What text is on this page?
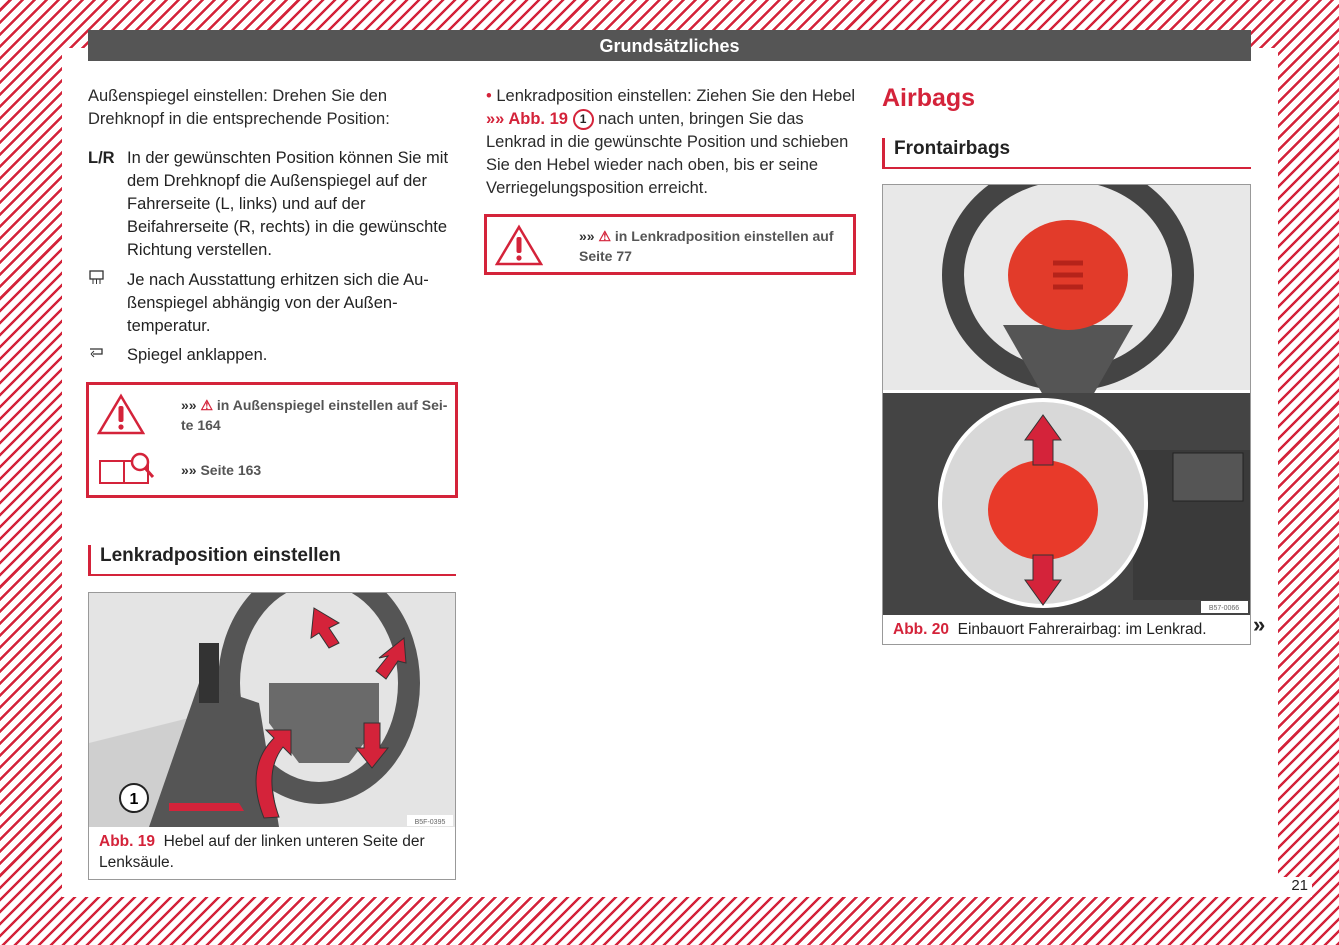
21
Grundsätzliches
Außenspiegel einstellen: Drehen Sie den Drehknopf in die entsprechende Position:
L/R In der gewünschten Position können Sie mit dem Drehknopf die Außenspiegel auf der Fahrerseite (L, links) und auf der Beifahrerseite (R, rechts) in die gewünschte Richtung verstellen.
Je nach Ausstattung erhitzen sich die Außenspiegel abhängig von der Außentemperatur.
Spiegel anklappen.
»» ⚠ in Außenspiegel einstellen auf Seite 164
»» Seite 163
Lenkradposition einstellen
1
B5F-0395
Abb. 19 Hebel auf der linken unteren Seite der Lenksäule.
• Lenkradposition einstellen: Ziehen Sie den Hebel »» Abb. 19 1 nach unten, bringen Sie das Lenkrad in die gewünschte Position und schieben Sie den Hebel wieder nach oben, bis er seine Verriegelungsposition erreicht.
»» ⚠ in Lenkradposition einstellen auf Seite 77
Airbags
Frontairbags
B57-0066
Abb. 20 Einbauort Fahrerairbag: im Lenkrad.	»
